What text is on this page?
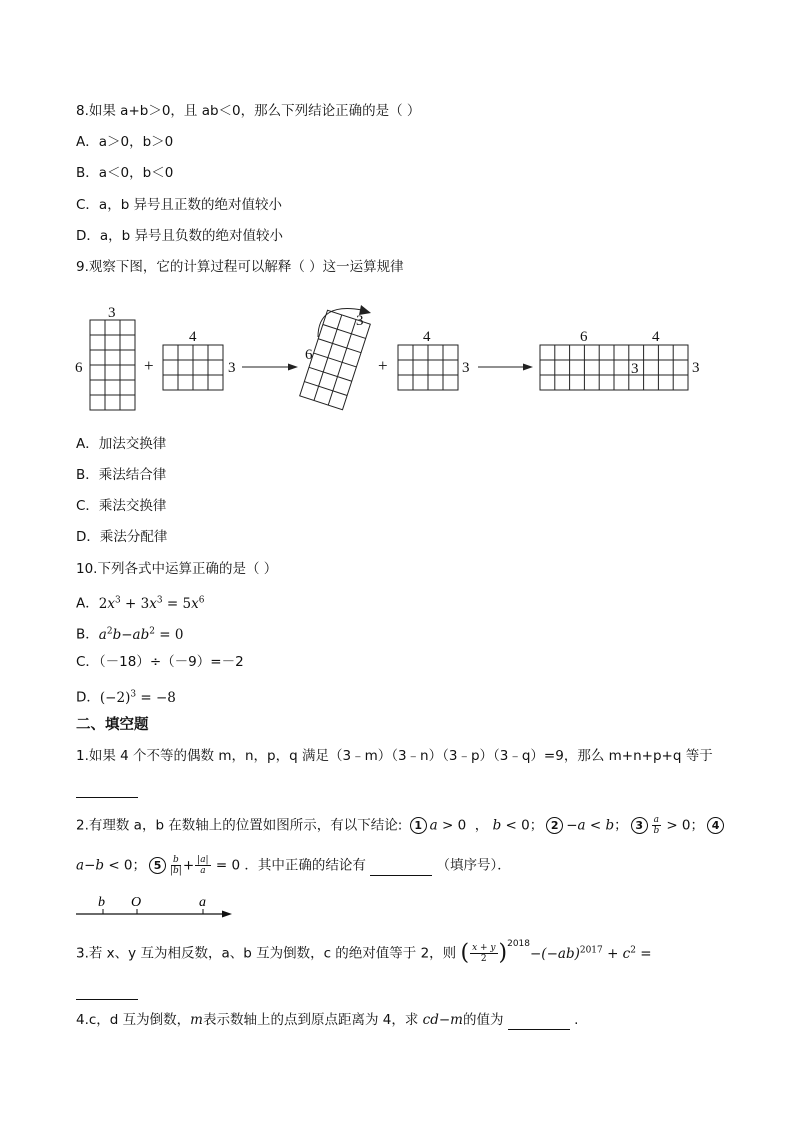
8.如果 a+b＞0，且 ab＜0，那么下列结论正确的是（ ）
A．a＞0，b＞0
B．a＜0，b＜0
C．a，b 异号且正数的绝对值较小
D．a，b 异号且负数的绝对值较小
9.观察下图，它的计算过程可以解释（ ）这一运算规律
3
6	+
4
3
3
6
+
4
3
6	4
3	3
A．加法交换律
B．乘法结合律
C．乘法交换律
D．乘法分配律
10.下列各式中运算正确的是（ ）
A．$2x^3 + 3x^3 = 5x^6$
B．$a^2b-ab^2 = 0$
C．（－18）÷（－9）=－2
D．$(-2)^3 = -8$
二、填空题
1.如果 4 个不等的偶数 m，n，p，q 满足（3﹣m）（3﹣n）（3﹣p）（3﹣q）=9，那么 m+n+p+q 等于
2.有理数 a，b 在数轴上的位置如图所示，有以下结论: 1 a > 0  ， b < 0； 2 −a < b； $3 \frac{a}{b} > 0$； 4
a−b < 0； $5 \frac{b}{|b|} + \frac{|a|}{a} = 0$ ．其中正确的结论有	（填序号）．
b O	a
3.若 x、y 互为相反数，a、b 互为倒数，c 的绝对值等于 2，则 ( $\frac{x + y}{2} )^{2018}-(-ab)^{2017} + c^2$ =
4.c，d 互为倒数，m表示数轴上的点到原点距离为 4，求 cd−m的值为	.
